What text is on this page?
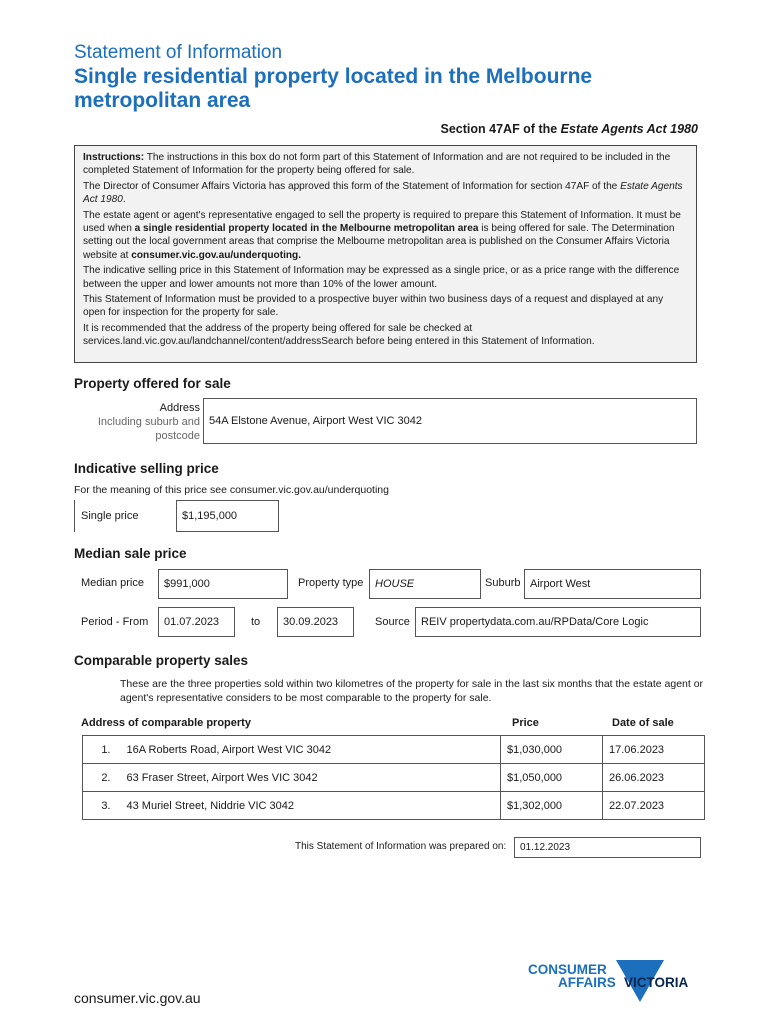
Statement of Information
Single residential property located in the Melbourne metropolitan area
Section 47AF of the Estate Agents Act 1980

Instructions: The instructions in this box do not form part of this Statement of Information and are not required to be included in the completed Statement of Information for the property being offered for sale.

The Director of Consumer Affairs Victoria has approved this form of the Statement of Information for section 47AF of the Estate Agents Act 1980.

The estate agent or agent's representative engaged to sell the property is required to prepare this Statement of Information. It must be used when a single residential property located in the Melbourne metropolitan area is being offered for sale. The Determination setting out the local government areas that comprise the Melbourne metropolitan area is published on the Consumer Affairs Victoria website at consumer.vic.gov.au/underquoting.

The indicative selling price in this Statement of Information may be expressed as a single price, or as a price range with the difference between the upper and lower amounts not more than 10% of the lower amount.

This Statement of Information must be provided to a prospective buyer within two business days of a request and displayed at any open for inspection for the property for sale.

It is recommended that the address of the property being offered for sale be checked at services.land.vic.gov.au/landchannel/content/addressSearch before being entered in this Statement of Information.

Property offered for sale
Address
Including suburb and
postcode
54A Elstone Avenue, Airport West VIC 3042
Indicative selling price
For the meaning of this price see consumer.vic.gov.au/underquoting
Single price	$1,195,000
Median sale price
Median price	$991,000	Property type	HOUSE	Suburb Airport West
Period - From	01.07.2023	to	30.09.2023	Source	REIV propertydata.com.au/RPData/Core Logic
Comparable property sales
These are the three properties sold within two kilometres of the property for sale in the last six months that the estate agent or agent's representative considers to be most comparable to the property for sale.
Address of comparable property	Price	Date of sale
1.	16A Roberts Road, Airport West VIC 3042	$1,030,000	17.06.2023
2.	63 Fraser Street, Airport Wes VIC 3042	$1,050,000	26.06.2023
3.	43 Muriel Street, Niddrie VIC 3042	$1,302,000	22.07.2023
This Statement of Information was prepared on:	01.12.2023
CONSUMER
AFFAIRS VICTORIA
consumer.vic.gov.au
